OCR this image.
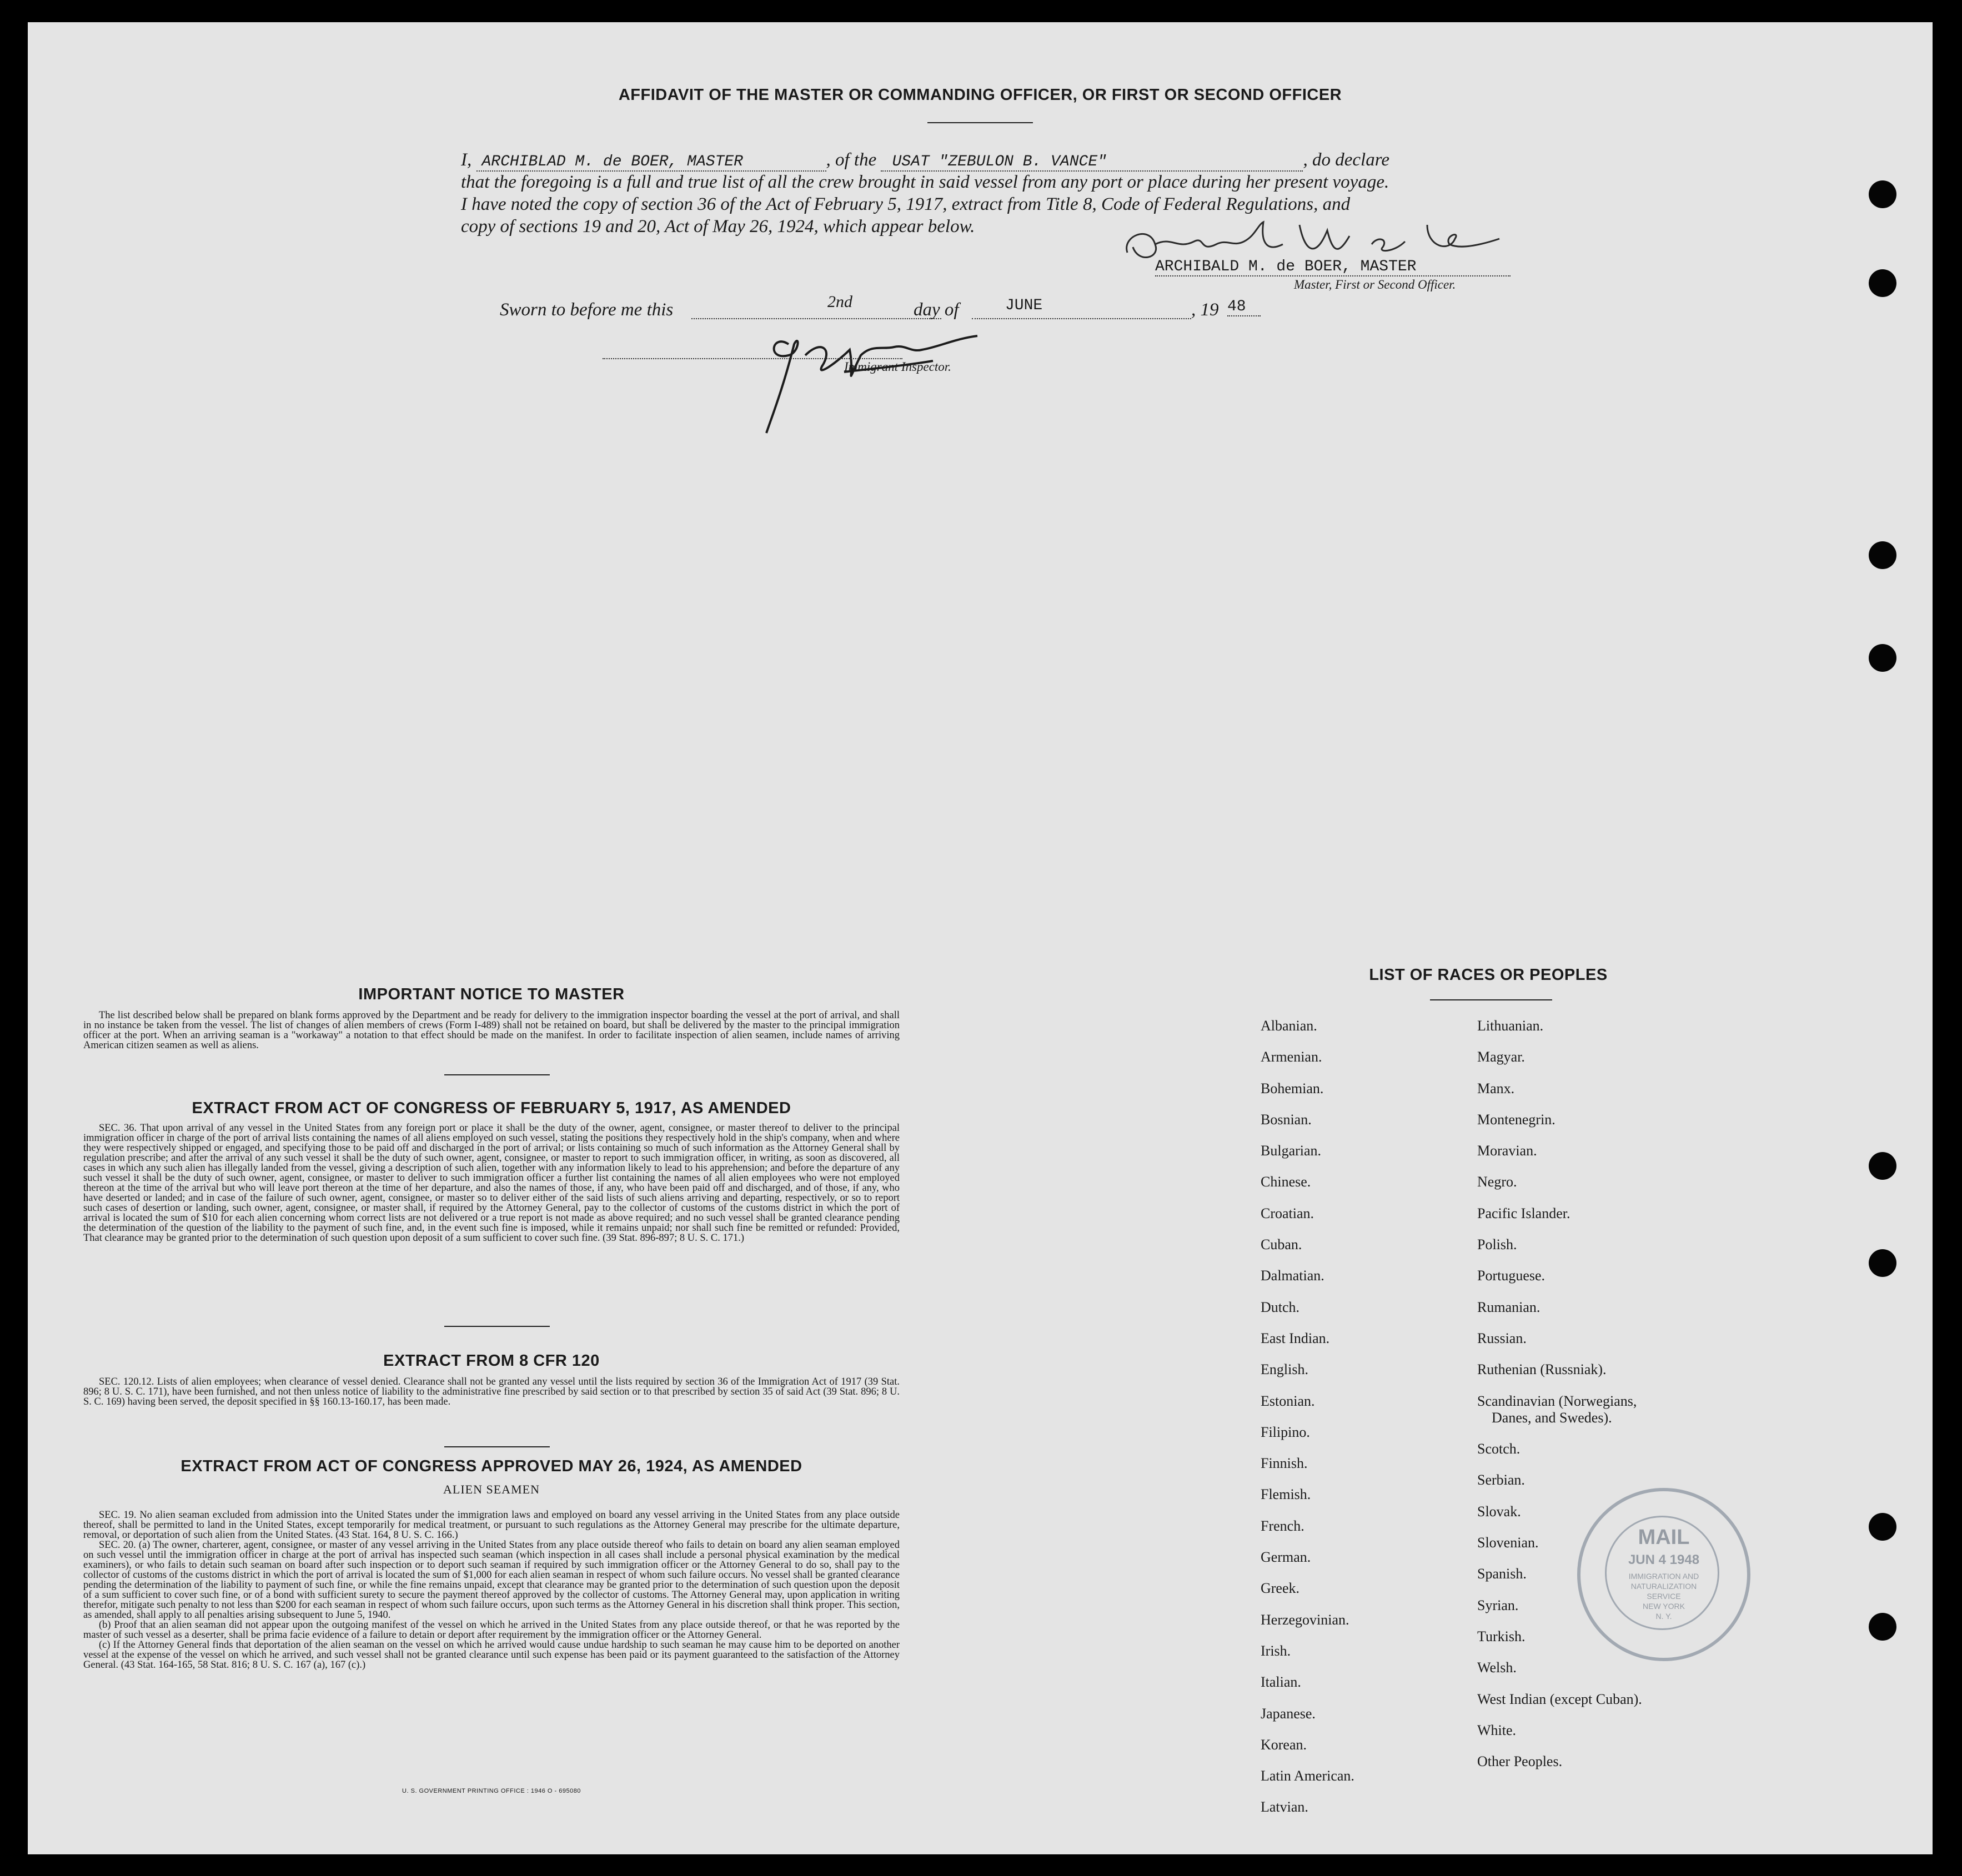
AFFIDAVIT OF THE MASTER OR COMMANDING OFFICER, OR FIRST OR SECOND OFFICER
I, ARCHIBLAD M. de BOER, MASTER	, of the USAT "ZEBULON B. VANCE"	, do declare
that the foregoing is a full and true list of all the crew brought in said vessel from any port or place during her present voyage.
I have noted the copy of section 36 of the Act of February 5, 1917, extract from Title 8, Code of Federal Regulations, and
copy of sections 19 and 20, Act of May 26, 1924, which appear below.
ARCHIBALD M. de BOER, MASTER
Master, First or Second Officer.
Sworn to before me this	2nd	day of	JUNE	, 19 48
Immigrant Inspector.
IMPORTANT NOTICE TO MASTER

The list described below shall be prepared on blank forms approved by the Department and be ready for delivery to the immigration inspector boarding the vessel at the port of arrival, and shall in no instance be taken from the vessel. The list of changes of alien members of crews (Form I-489) shall not be retained on board, but shall be delivered by the master to the principal immigration officer at the port. When an arriving seaman is a "workaway" a notation to that effect should be made on the manifest. In order to facilitate inspection of alien seamen, include names of arriving American citizen seamen as well as aliens.

EXTRACT FROM ACT OF CONGRESS OF FEBRUARY 5, 1917, AS AMENDED

SEC. 36. That upon arrival of any vessel in the United States from any foreign port or place it shall be the duty of the owner, agent, consignee, or master thereof to deliver to the principal immigration officer in charge of the port of arrival lists containing the names of all aliens employed on such vessel, stating the positions they respectively hold in the ship's company, when and where they were respectively shipped or engaged, and specifying those to be paid off and discharged in the port of arrival; or lists containing so much of such information as the Attorney General shall by regulation prescribe; and after the arrival of any such vessel it shall be the duty of such owner, agent, consignee, or master to report to such immigration officer, in writing, as soon as discovered, all cases in which any such alien has illegally landed from the vessel, giving a description of such alien, together with any information likely to lead to his apprehension; and before the departure of any such vessel it shall be the duty of such owner, agent, consignee, or master to deliver to such immigration officer a further list containing the names of all alien employees who were not employed thereon at the time of the arrival but who will leave port thereon at the time of her departure, and also the names of those, if any, who have been paid off and discharged, and of those, if any, who have deserted or landed; and in case of the failure of such owner, agent, consignee, or master so to deliver either of the said lists of such aliens arriving and departing, respectively, or so to report such cases of desertion or landing, such owner, agent, consignee, or master shall, if required by the Attorney General, pay to the collector of customs of the customs district in which the port of arrival is located the sum of $10 for each alien concerning whom correct lists are not delivered or a true report is not made as above required; and no such vessel shall be granted clearance pending the determination of the question of the liability to the payment of such fine, and, in the event such fine is imposed, while it remains unpaid; nor shall such fine be remitted or refunded: Provided, That clearance may be granted prior to the determination of such question upon deposit of a sum sufficient to cover such fine. (39 Stat. 896-897; 8 U. S. C. 171.)

EXTRACT FROM 8 CFR 120

SEC. 120.12. Lists of alien employees; when clearance of vessel denied. Clearance shall not be granted any vessel until the lists required by section 36 of the Immigration Act of 1917 (39 Stat. 896; 8 U. S. C. 171), have been furnished, and not then unless notice of liability to the administrative fine prescribed by said section or to that prescribed by section 35 of said Act (39 Stat. 896; 8 U. S. C. 169) having been served, the deposit specified in §§ 160.13-160.17, has been made.

EXTRACT FROM ACT OF CONGRESS APPROVED MAY 26, 1924, AS AMENDED
ALIEN SEAMEN

SEC. 19. No alien seaman excluded from admission into the United States under the immigration laws and employed on board any vessel arriving in the United States from any place outside thereof, shall be permitted to land in the United States, except temporarily for medical treatment, or pursuant to such regulations as the Attorney General may prescribe for the ultimate departure, removal, or deportation of such alien from the United States. (43 Stat. 164, 8 U. S. C. 166.)

SEC. 20. (a) The owner, charterer, agent, consignee, or master of any vessel arriving in the United States from any place outside thereof who fails to detain on board any alien seaman employed on such vessel until the immigration officer in charge at the port of arrival has inspected such seaman (which inspection in all cases shall include a personal physical examination by the medical examiners), or who fails to detain such seaman on board after such inspection or to deport such seaman if required by such immigration officer or the Attorney General to do so, shall pay to the collector of customs of the customs district in which the port of arrival is located the sum of $1,000 for each alien seaman in respect of whom such failure occurs. No vessel shall be granted clearance pending the determination of the liability to payment of such fine, or while the fine remains unpaid, except that clearance may be granted prior to the determination of such question upon the deposit of a sum sufficient to cover such fine, or of a bond with sufficient surety to secure the payment thereof approved by the collector of customs. The Attorney General may, upon application in writing therefor, mitigate such penalty to not less than $200 for each seaman in respect of whom such failure occurs, upon such terms as the Attorney General in his discretion shall think proper. This section, as amended, shall apply to all penalties arising subsequent to June 5, 1940.

(b) Proof that an alien seaman did not appear upon the outgoing manifest of the vessel on which he arrived in the United States from any place outside thereof, or that he was reported by the master of such vessel as a deserter, shall be prima facie evidence of a failure to detain or deport after requirement by the immigration officer or the Attorney General.

(c) If the Attorney General finds that deportation of the alien seaman on the vessel on which he arrived would cause undue hardship to such seaman he may cause him to be deported on another vessel at the expense of the vessel on which he arrived, and such vessel shall not be granted clearance until such expense has been paid or its payment guaranteed to the satisfaction of the Attorney General. (43 Stat. 164-165, 58 Stat. 816; 8 U. S. C. 167 (a), 167 (c).)

U. S. GOVERNMENT PRINTING OFFICE : 1946 O - 695080
LIST OF RACES OR PEOPLES
Albanian.
Armenian.
Bohemian.
Bosnian.
Bulgarian.
Chinese.
Croatian.
Cuban.
Dalmatian.
Dutch.
East Indian.
English.
Estonian.
Filipino.
Finnish.
Flemish.
French.
German.
Greek.
Herzegovinian.
Irish.
Italian.
Japanese.
Korean.
Latin American.
Latvian.
Lithuanian.
Magyar.
Manx.
Montenegrin.
Moravian.
Negro.
Pacific Islander.
Polish.
Portuguese.
Rumanian.
Russian.
Ruthenian (Russniak).
Scandinavian (Norwegians,
Danes, and Swedes).
Scotch.
Serbian.
Slovak.
Slovenian.
Spanish.
Syrian.
Turkish.
Welsh.
West Indian (except Cuban).
White.
Other Peoples.
MAIL
JUN 4 1948
IMMIGRATION AND
NATURALIZATION
SERVICE
NEW YORK
N. Y.
